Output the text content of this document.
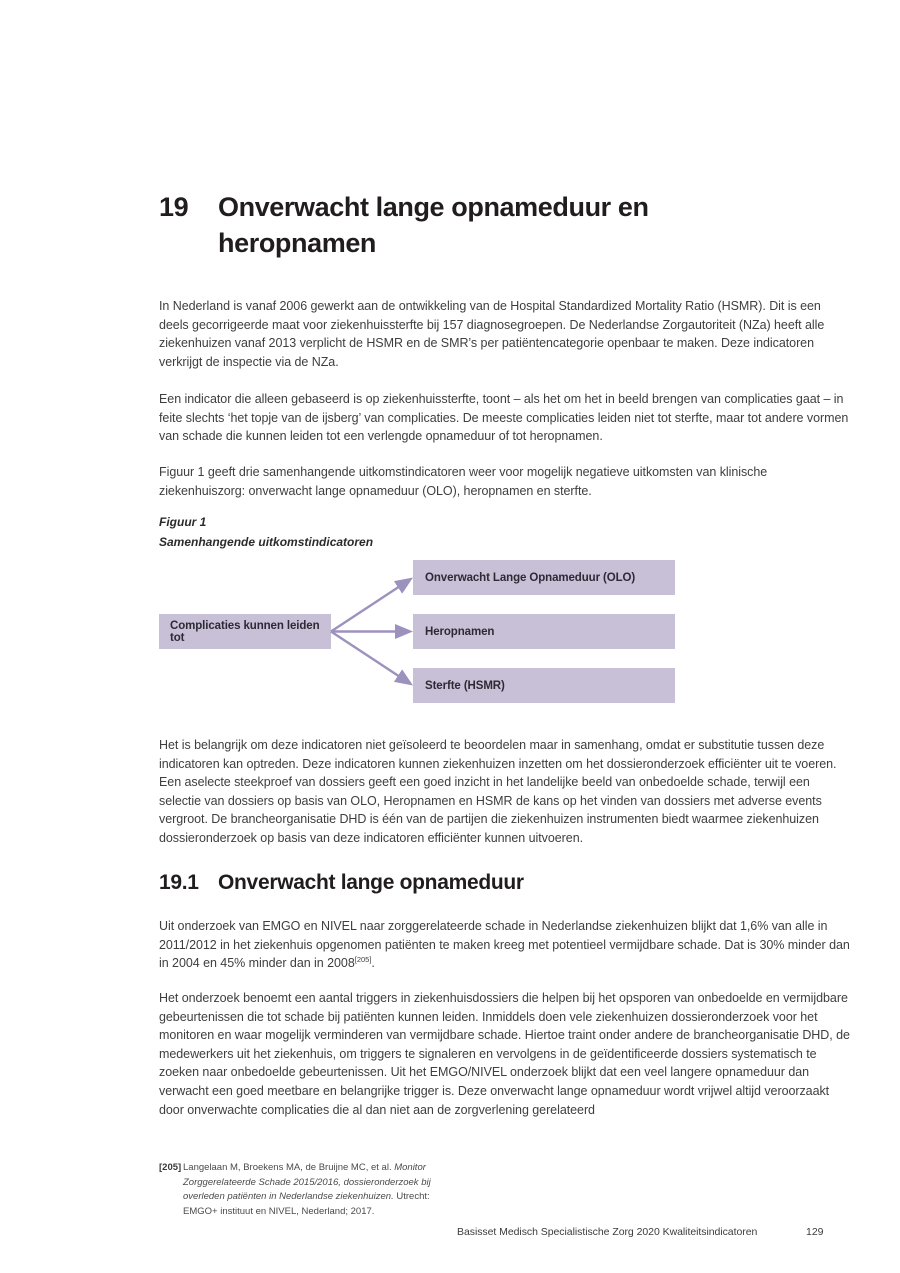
19	Onverwacht lange opnameduur en heropnamen
In Nederland is vanaf 2006 gewerkt aan de ontwikkeling van de Hospital Standardized Mortality Ratio (HSMR). Dit is een deels gecorrigeerde maat voor ziekenhuissterfte bij 157 diagnosegroepen. De Nederlandse Zorgautoriteit (NZa) heeft alle ziekenhuizen vanaf 2013 verplicht de HSMR en de SMR’s per patiëntencategorie openbaar te maken. Deze indicatoren verkrijgt de inspectie via de NZa.
Een indicator die alleen gebaseerd is op ziekenhuissterfte, toont – als het om het in beeld brengen van complicaties gaat – in feite slechts ‘het topje van de ijsberg’ van complicaties. De meeste complicaties leiden niet tot sterfte, maar tot andere vormen van schade die kunnen leiden tot een verlengde opnameduur of tot heropnamen.
Figuur 1 geeft drie samenhangende uitkomstindicatoren weer voor mogelijk negatieve uitkomsten van klinische ziekenhuiszorg: onverwacht lange opnameduur (OLO), heropnamen en sterfte.
Figuur 1
Samenhangende uitkomstindicatoren
Complicaties kunnen leiden tot
Onverwacht Lange Opnameduur (OLO)
Heropnamen
Sterfte (HSMR)
Het is belangrijk om deze indicatoren niet geïsoleerd te beoordelen maar in samenhang, omdat er substitutie tussen deze indicatoren kan optreden. Deze indicatoren kunnen ziekenhuizen inzetten om het dossieronderzoek efficiënter uit te voeren. Een aselecte steekproef van dossiers geeft een goed inzicht in het landelijke beeld van onbedoelde schade, terwijl een selectie van dossiers op basis van OLO, Heropnamen en HSMR de kans op het vinden van dossiers met adverse events vergroot. De brancheorganisatie DHD is één van de partijen die ziekenhuizen instrumenten biedt waarmee ziekenhuizen dossieronderzoek op basis van deze indicatoren efficiënter kunnen uitvoeren.
19.1 Onverwacht lange opnameduur
Uit onderzoek van EMGO en NIVEL naar zorggerelateerde schade in Nederlandse ziekenhuizen blijkt dat 1,6% van alle in 2011/2012 in het ziekenhuis opgenomen patiënten te maken kreeg met potentieel vermijdbare schade. Dat is 30% minder dan in 2004 en 45% minder dan in 2008[205].
Het onderzoek benoemt een aantal triggers in ziekenhuisdossiers die helpen bij het opsporen van onbedoelde en vermijdbare gebeurtenissen die tot schade bij patiënten kunnen leiden. Inmiddels doen vele ziekenhuizen dossieronderzoek voor het monitoren en waar mogelijk verminderen van vermijdbare schade. Hiertoe traint onder andere de brancheorganisatie DHD, de medewerkers uit het ziekenhuis, om triggers te signaleren en vervolgens in de geïdentificeerde dossiers systematisch te zoeken naar onbedoelde gebeurtenissen. Uit het EMGO/NIVEL onderzoek blijkt dat een veel langere opnameduur dan verwacht een goed meetbare en belangrijke trigger is. Deze onverwacht lange opnameduur wordt vrijwel altijd veroorzaakt door onverwachte complicaties die al dan niet aan de zorgverlening gerelateerd
[205] Langelaan M, Broekens MA, de Bruijne MC, et al. Monitor Zorggerelateerde Schade 2015/2016, dossieronderzoek bij overleden patiënten in Nederlandse ziekenhuizen. Utrecht: EMGO+ instituut en NIVEL, Nederland; 2017.
Basisset Medisch Specialistische Zorg 2020 Kwaliteitsindicatoren	129
